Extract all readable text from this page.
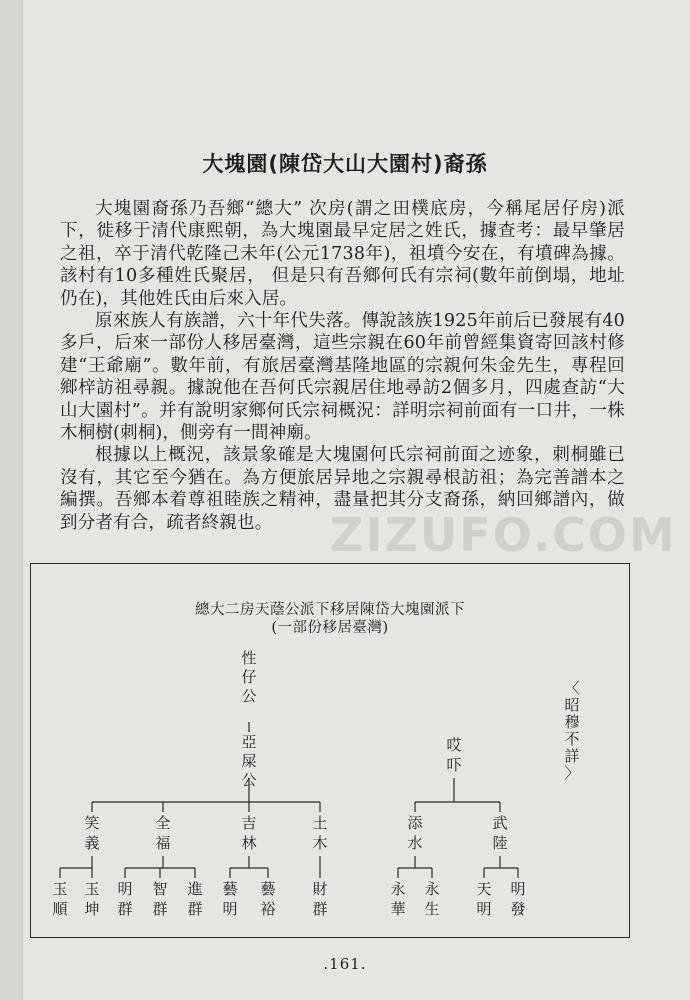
大塊園(陳岱大山大園村)裔孫

大塊園裔孫乃吾鄉“總大” 次房(謂之田樸底房，今稱尾居仔房)派下，徙移于清代康熙朝，為大塊園最早定居之姓氏，據查考：最早肇居之祖，卒于清代乾隆己未年(公元1738年)，祖墳今安在，有墳碑為據。該村有10多種姓氏聚居， 但是只有吾鄉何氏有宗祠(數年前倒塌，地址仍在)，其他姓氏由后來入居。

原來族人有族譜，六十年代失落。傳說該族1925年前后已發展有40多戶，后來一部份人移居臺灣，這些宗親在60年前曾經集資寄回該村修建“王爺廟”。數年前，有旅居臺灣基隆地區的宗親何朱金先生，專程回鄉梓訪祖尋親。據說他在吾何氏宗親居住地尋訪2個多月，四處查訪“大山大園村”。并有說明家鄉何氏宗祠概況：詳明宗祠前面有一口井，一株木桐樹(刺桐)，側旁有一間神廟。

根據以上概況，該景象確是大塊園何氏宗祠前面之迹象，刺桐雖已沒有，其它至今猶在。為方便旅居异地之宗親尋根訪祖；為完善譜本之編撰。吾鄉本着尊祖睦族之精神，盡量把其分支裔孫，納回鄉譜內，做到分者有合，疏者終親也。	ZIZUFO.COM
總大二房天蔭公派下移居陳岱大塊園派下
(一部份移居臺灣)
性仔公
亞屎公
〈昭穆不詳〉
哎吓
笑義
全福
吉林
土木
玉順
玉坤
明群
智群
進群
藝明
藝裕
財群
添水
武陸
永華
永生
天明
明發
.161.
